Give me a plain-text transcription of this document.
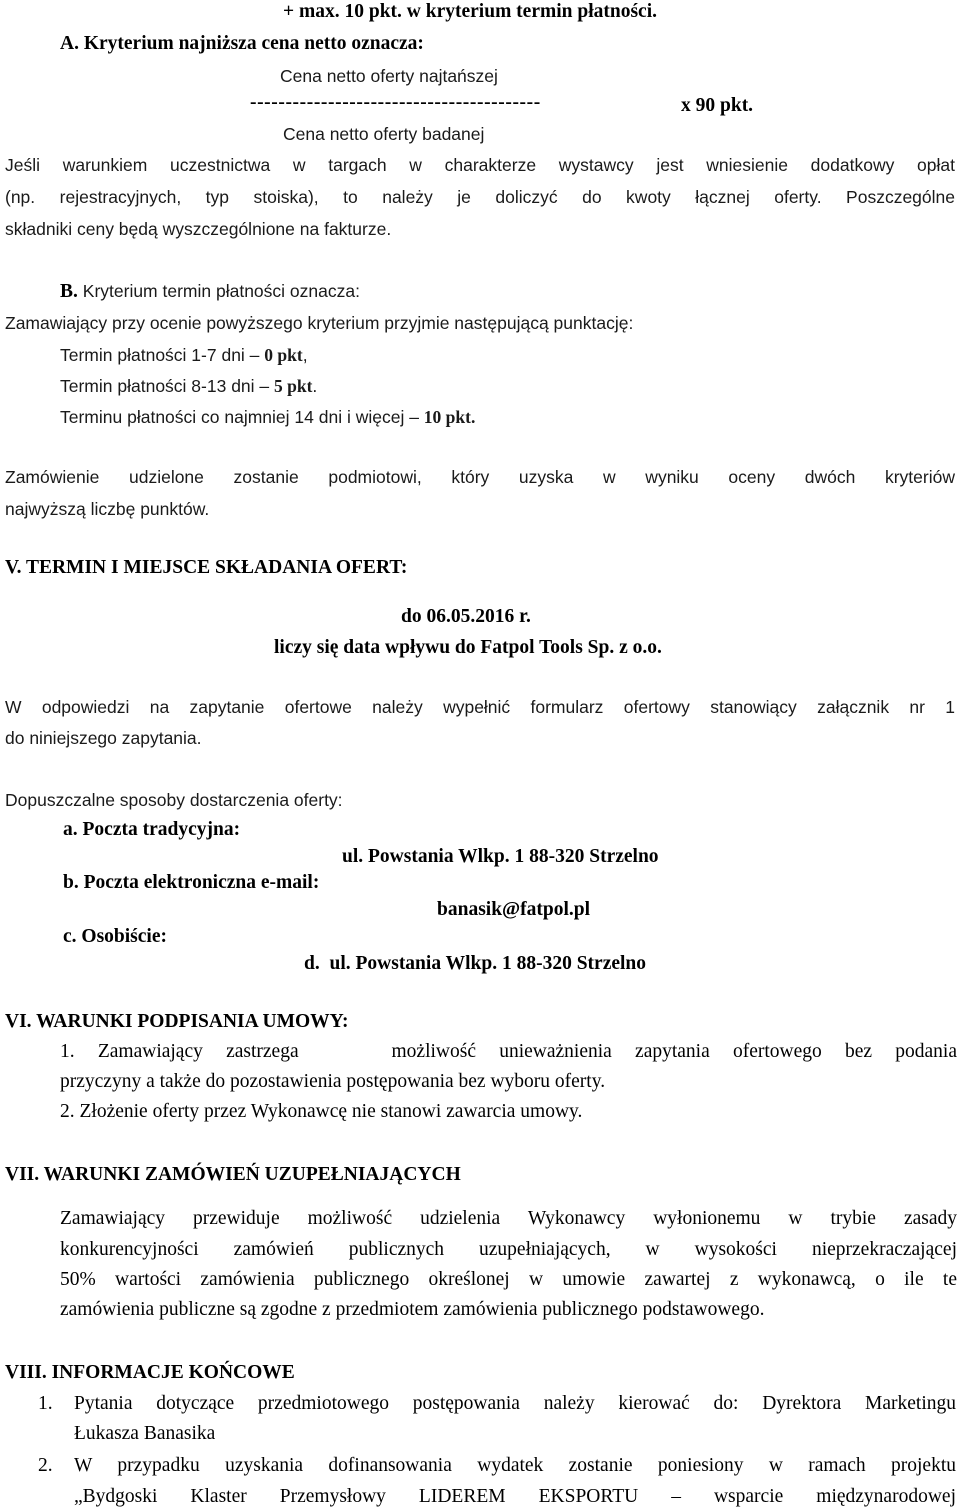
+ max. 10 pkt. w kryterium termin płatności.
A. Kryterium najniższa cena netto oznacza:
Cena netto oferty najtańszej
-----------------------------------------	x 90 pkt.
Cena netto oferty badanej
Jeśli warunkiem uczestnictwa w targach w charakterze wystawcy jest wniesienie dodatkowy opłat
(np. rejestracyjnych, typ stoiska), to należy je doliczyć do kwoty łącznej oferty. Poszczególne
składniki ceny będą wyszczególnione na fakturze.
B. Kryterium termin płatności oznacza:
Zamawiający przy ocenie powyższego kryterium przyjmie następującą punktację:
Termin płatności 1-7 dni – 0 pkt,
Termin płatności 8-13 dni – 5 pkt.
Terminu płatności co najmniej 14 dni i więcej – 10 pkt.
Zamówienie udzielone zostanie podmiotowi, który uzyska w wyniku oceny dwóch kryteriów
najwyższą liczbę punktów.
V. TERMIN I MIEJSCE SKŁADANIA OFERT:
do 06.05.2016 r.
liczy się data wpływu do Fatpol Tools Sp. z o.o.
W odpowiedzi na zapytanie ofertowe należy wypełnić formularz ofertowy stanowiący załącznik nr 1
do niniejszego zapytania.
Dopuszczalne sposoby dostarczenia oferty:
a. Poczta tradycyjna:
ul. Powstania Wlkp. 1 88-320 Strzelno
b. Poczta elektroniczna e-mail:
banasik@fatpol.pl
c. Osobiście:
d.  ul. Powstania Wlkp. 1 88-320 Strzelno
VI. WARUNKI PODPISANIA UMOWY:
1. Zamawiający zastrzega    możliwość unieważnienia zapytania ofertowego bez podania
przyczyny a także do pozostawienia postępowania bez wyboru oferty.
2. Złożenie oferty przez Wykonawcę nie stanowi zawarcia umowy.
VII. WARUNKI ZAMÓWIEŃ UZUPEŁNIAJĄCYCH
Zamawiający przewiduje możliwość udzielenia Wykonawcy wyłonionemu w trybie zasady
konkurencyjności zamówień publicznych uzupełniających, w wysokości nieprzekraczającej
50% wartości zamówienia publicznego określonej w umowie zawartej z wykonawcą, o ile te
zamówienia publiczne są zgodne z przedmiotem zamówienia publicznego podstawowego.
VIII. INFORMACJE KOŃCOWE
1. Pytania dotyczące przedmiotowego postępowania należy kierować do: Dyrektora Marketingu
Łukasza Banasika
2. W przypadku uzyskania dofinansowania wydatek zostanie poniesiony w ramach projektu
„Bydgoski Klaster Przemysłowy LIDEREM EKSPORTU – wsparcie międzynarodowej
